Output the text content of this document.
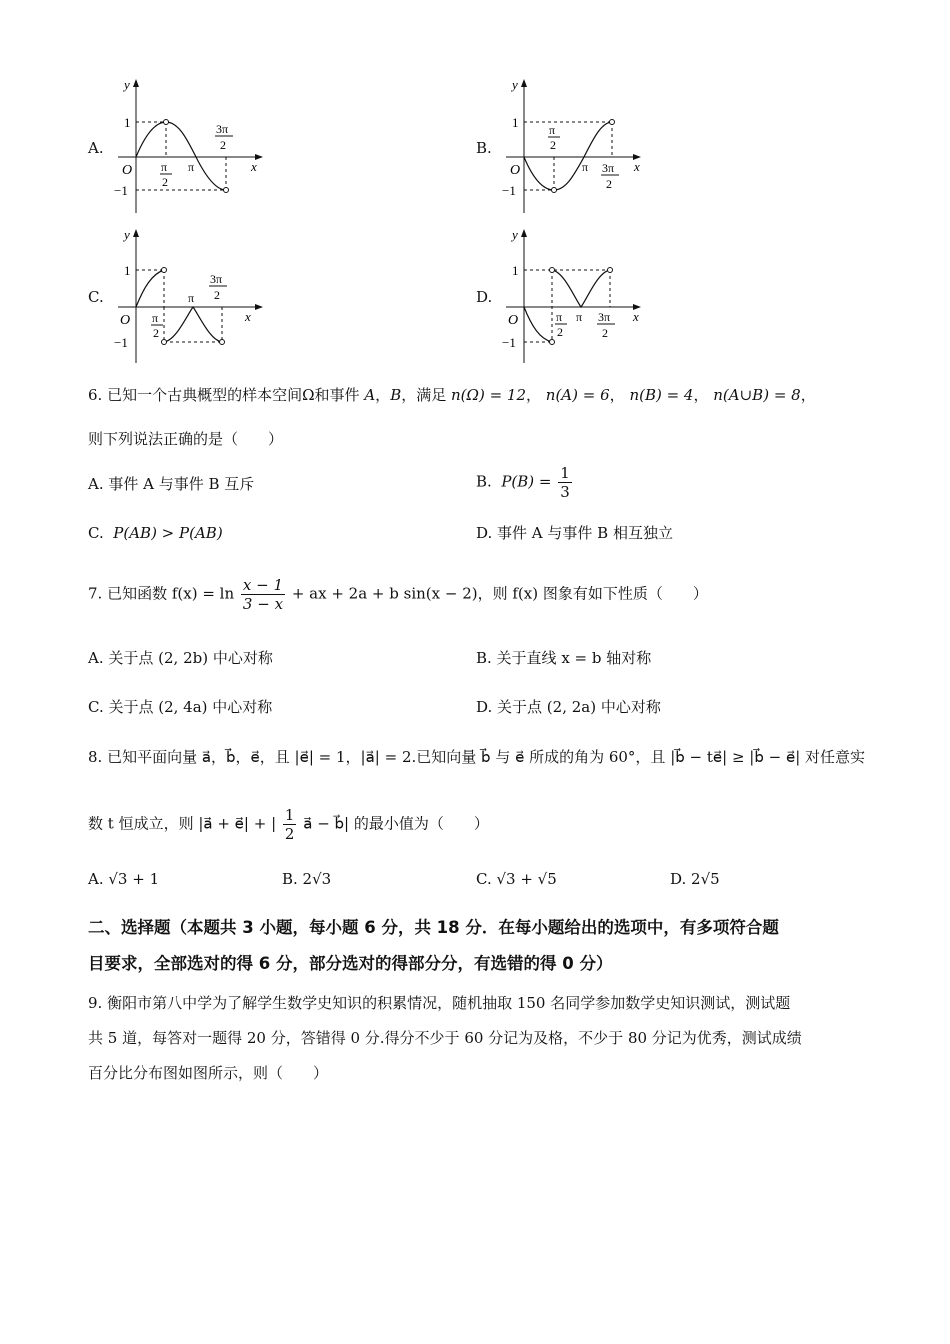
A.	B.
C.	D.
y
x
O
1
−1
π
2
π
3π
2
y
x
O
1
−1
π
2
π 3π
2
y
x
O
1
−1
π
2
π
3π
2
y
x
O
1
−1
π
2
π 3π
2
6. 已知一个古典概型的样本空间Ω和事件 A，B，满足 n(Ω) = 12， n(A) = 6， n(B) = 4， n(A∪B) = 8，
则下列说法正确的是（　　）
A. 事件 A 与事件 B 互斥	B. $P(B) = \frac{1}{3}$
C. P(AB) > P(AB)	D. 事件 A 与事件 B 相互独立
7. 已知函数 $f(x) = \ln \frac{x - 1}{3 - x}$ + ax + 2a + b sin(x − 2)，则 f(x) 图象有如下性质（　　）
A. 关于点 (2, 2b) 中心对称	B. 关于直线 x = b 轴对称
C. 关于点 (2, 4a) 中心对称	D. 关于点 (2, 2a) 中心对称
8. 已知平面向量 a⃗，b⃗，e⃗，且 |e⃗| = 1，|a⃗| = 2.已知向量 b⃗ 与 e⃗ 所成的角为 60°，且 |b⃗ − te⃗| ≥ |b⃗ − e⃗| 对任意实
数 t 恒成立，则 |a⃗ + e⃗| + | $\frac{1}{2}$ a⃗ − b⃗| 的最小值为（　　）
A. √3 + 1	B. 2√3	C. √3 + √5	D. 2√5
二、选择题（本题共 3 小题，每小题 6 分，共 18 分．在每小题给出的选项中，有多项符合题
目要求，全部选对的得 6 分，部分选对的得部分分，有选错的得 0 分）
9. 衡阳市第八中学为了解学生数学史知识的积累情况，随机抽取 150 名同学参加数学史知识测试，测试题
共 5 道，每答对一题得 20 分，答错得 0 分.得分不少于 60 分记为及格，不少于 80 分记为优秀，测试成绩
百分比分布图如图所示，则（　　）
